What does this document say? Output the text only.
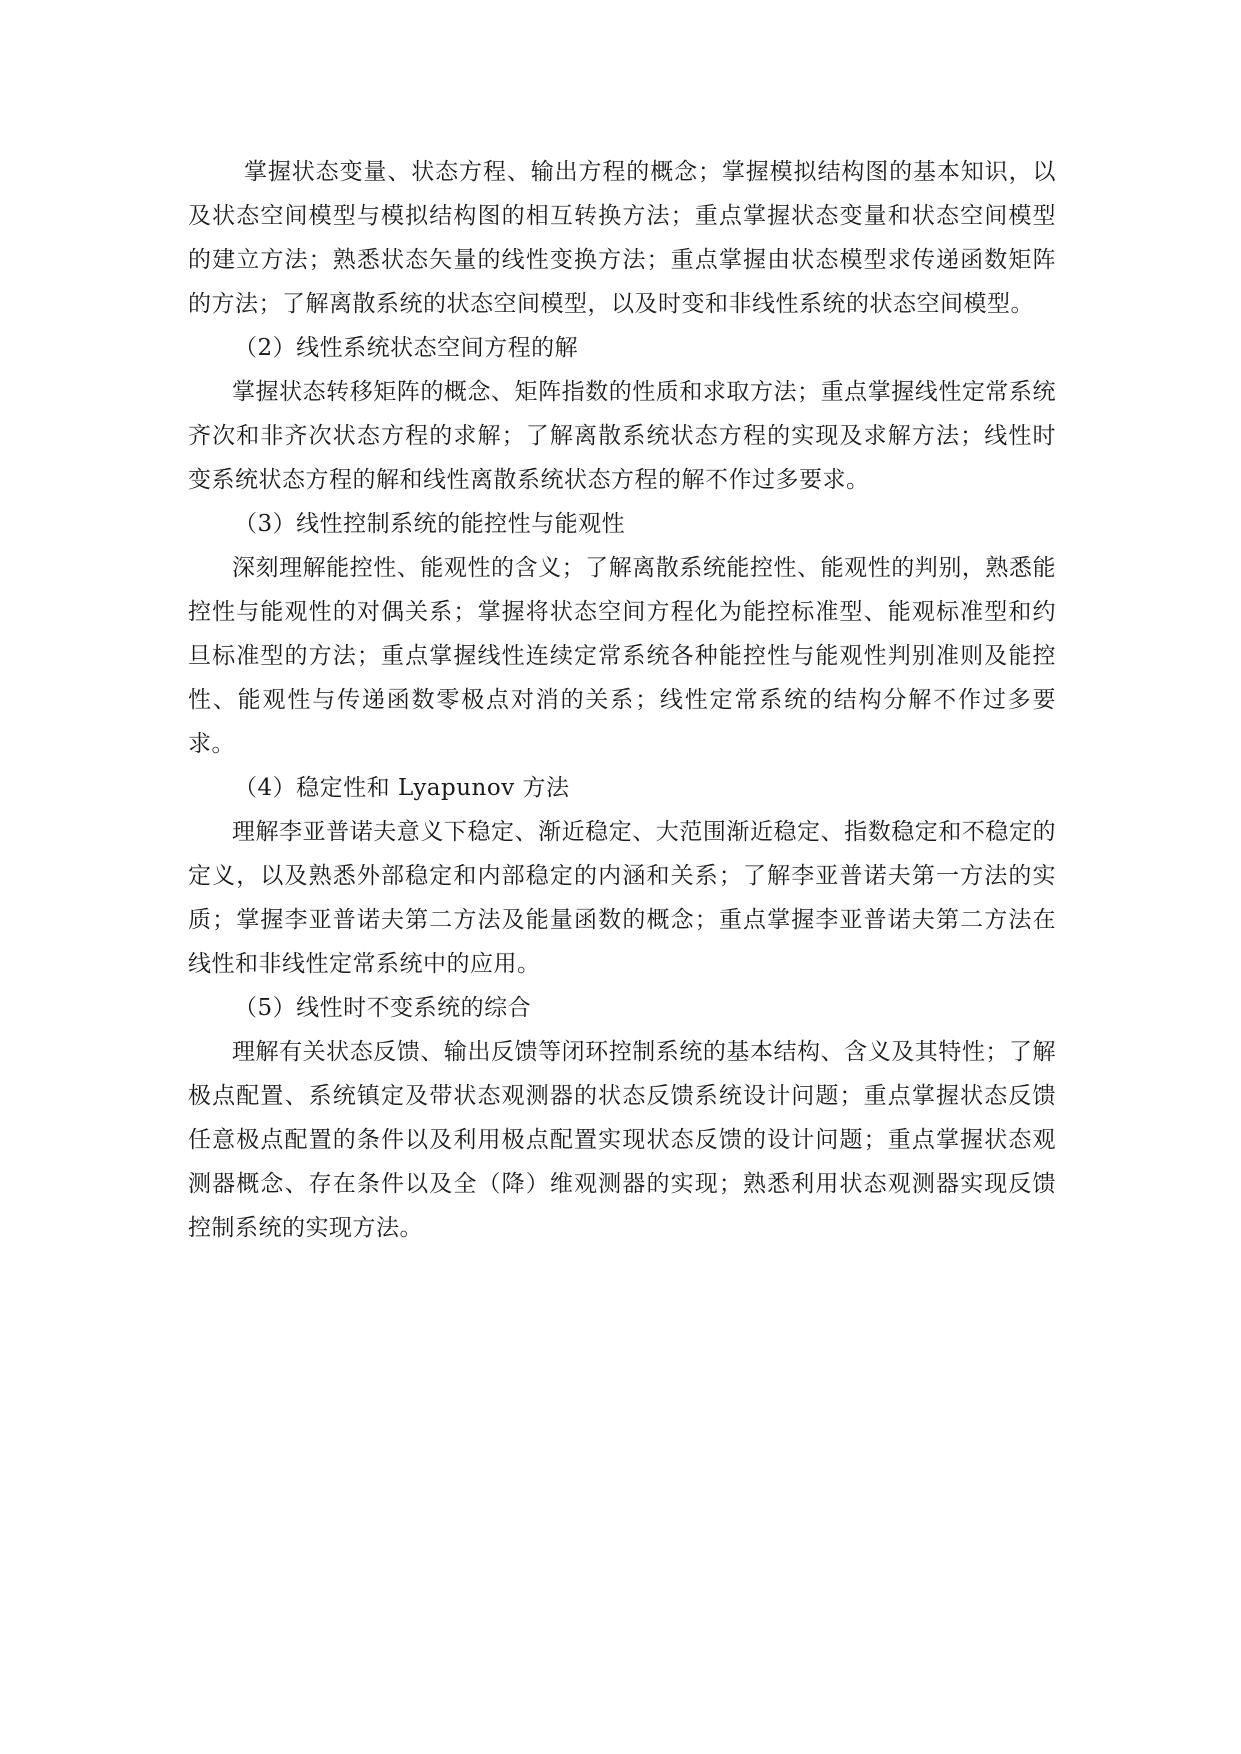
掌握状态变量、状态方程、输出方程的概念；掌握模拟结构图的基本知识，以及状态空间模型与模拟结构图的相互转换方法；重点掌握状态变量和状态空间模型的建立方法；熟悉状态矢量的线性变换方法；重点掌握由状态模型求传递函数矩阵的方法；了解离散系统的状态空间模型，以及时变和非线性系统的状态空间模型。

（2）线性系统状态空间方程的解

掌握状态转移矩阵的概念、矩阵指数的性质和求取方法；重点掌握线性定常系统齐次和非齐次状态方程的求解；了解离散系统状态方程的实现及求解方法；线性时变系统状态方程的解和线性离散系统状态方程的解不作过多要求。

（3）线性控制系统的能控性与能观性

深刻理解能控性、能观性的含义；了解离散系统能控性、能观性的判别，熟悉能控性与能观性的对偶关系；掌握将状态空间方程化为能控标准型、能观标准型和约旦标准型的方法；重点掌握线性连续定常系统各种能控性与能观性判别准则及能控性、能观性与传递函数零极点对消的关系；线性定常系统的结构分解不作过多要求。

（4）稳定性和 Lyapunov 方法

理解李亚普诺夫意义下稳定、渐近稳定、大范围渐近稳定、指数稳定和不稳定的定义，以及熟悉外部稳定和内部稳定的内涵和关系；了解李亚普诺夫第一方法的实质；掌握李亚普诺夫第二方法及能量函数的概念；重点掌握李亚普诺夫第二方法在线性和非线性定常系统中的应用。

（5）线性时不变系统的综合

理解有关状态反馈、输出反馈等闭环控制系统的基本结构、含义及其特性；了解极点配置、系统镇定及带状态观测器的状态反馈系统设计问题；重点掌握状态反馈任意极点配置的条件以及利用极点配置实现状态反馈的设计问题；重点掌握状态观测器概念、存在条件以及全（降）维观测器的实现；熟悉利用状态观测器实现反馈控制系统的实现方法。
